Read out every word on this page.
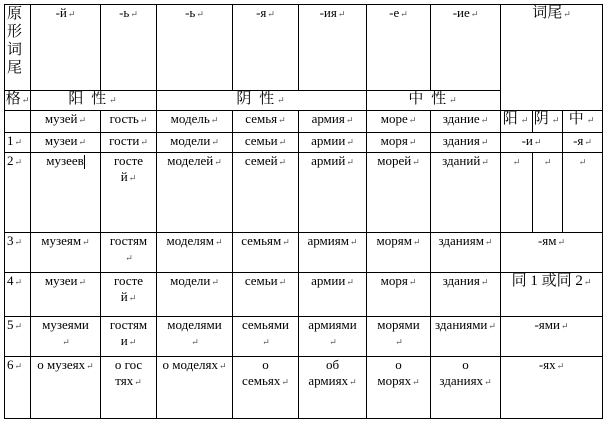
原
形
词
尾	-й ↵	-ь ↵	-ь ↵	-я ↵	-ия ↵	-е ↵	-ие ↵	词尾 ↵
格 ↵	阳 性 ↵		阴 性 ↵			中 性 ↵
	музей ↵	гость ↵	модель ↵	семья ↵	армия ↵	море ↵	здание ↵	阳 ↵	阴 ↵	中 ↵
1 ↵	музеи ↵	гости ↵	модели ↵	семьи ↵	армии ↵	моря ↵	здания ↵	-и ↵		-я ↵
2 ↵	музеев	гостей ↵	моделей ↵	семей ↵	армий ↵	морей ↵	зданий ↵	↵	↵	↵
3 ↵	музеям ↵	гостям ↵	моделям ↵	семьям ↵	армиям ↵	морям ↵	зданиям ↵	-ям ↵
4 ↵	музеи ↵	гостей ↵	модели ↵	семьи ↵	армии ↵	моря ↵	здания ↵	同 1 或同 2 ↵
5 ↵	музеями ↵	гостями ↵	моделями ↵	семьями ↵	армиями ↵	морями ↵	зданиями ↵	-ями ↵
6 ↵	о музеях ↵	о гостях ↵	о моделях ↵	о семьях ↵	об армиях ↵	о морях ↵	о зданиях ↵	-ях ↵
